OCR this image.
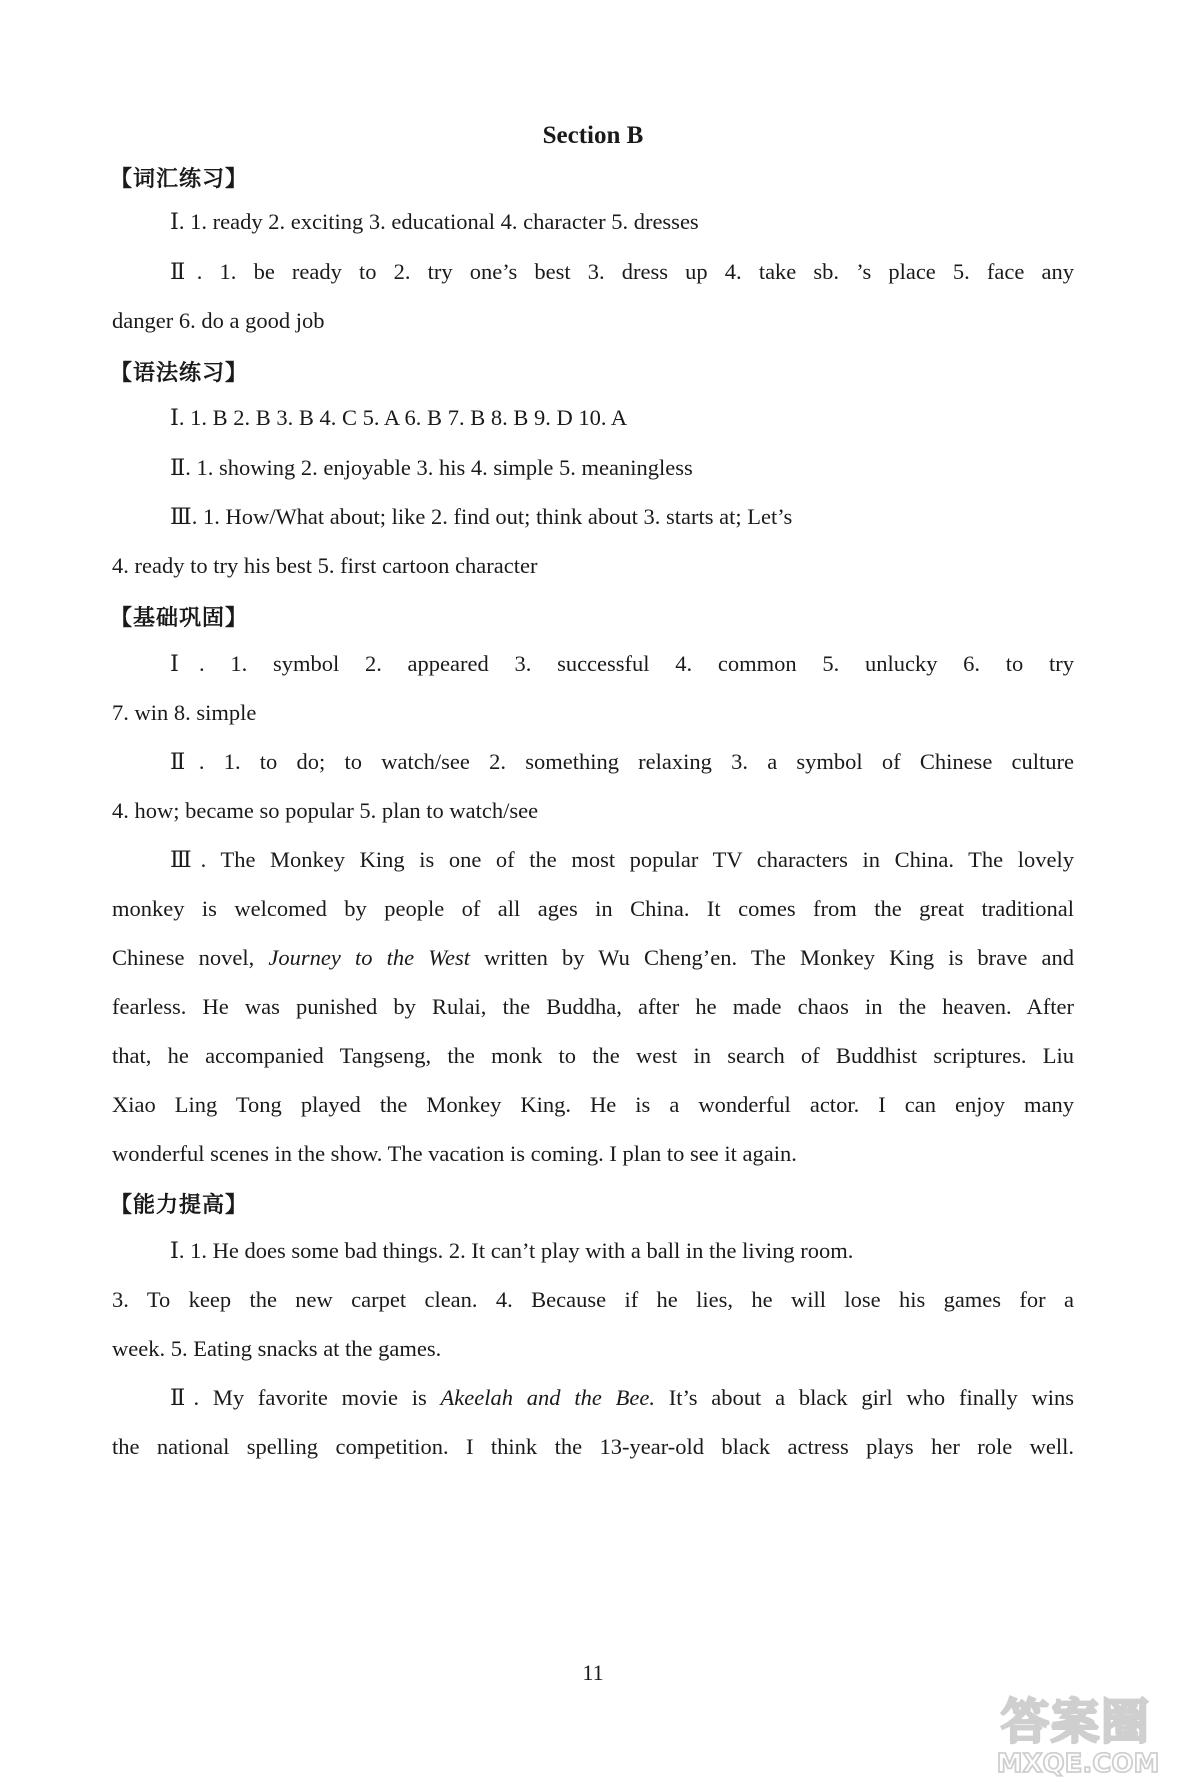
Section B
【词汇练习】
Ⅰ. 1. ready 2. exciting 3. educational 4. character 5. dresses
Ⅱ. 1. be ready to 2. try one’s best 3. dress up 4. take sb. ’s place 5. face any
danger 6. do a good job
【语法练习】
Ⅰ. 1. B 2. B 3. B 4. C 5. A 6. B 7. B 8. B 9. D 10. A
Ⅱ. 1. showing 2. enjoyable 3. his 4. simple 5. meaningless
Ⅲ. 1. How/What about; like 2. find out; think about 3. starts at; Let’s
4. ready to try his best 5. first cartoon character
【基础巩固】
Ⅰ. 1. symbol 2. appeared 3. successful 4. common 5. unlucky 6. to try
7. win 8. simple
Ⅱ. 1. to do; to watch/see 2. something relaxing 3. a symbol of Chinese culture
4. how; became so popular 5. plan to watch/see
Ⅲ. The Monkey King is one of the most popular TV characters in China. The lovely
monkey is welcomed by people of all ages in China. It comes from the great traditional
Chinese novel, Journey to the West written by Wu Cheng’en. The Monkey King is brave and
fearless. He was punished by Rulai, the Buddha, after he made chaos in the heaven. After
that, he accompanied Tangseng, the monk to the west in search of Buddhist scriptures. Liu
Xiao Ling Tong played the Monkey King. He is a wonderful actor. I can enjoy many
wonderful scenes in the show. The vacation is coming. I plan to see it again.
【能力提高】
Ⅰ. 1. He does some bad things. 2. It can’t play with a ball in the living room.
3. To keep the new carpet clean. 4. Because if he lies, he will lose his games for a
week. 5. Eating snacks at the games.
Ⅱ. My favorite movie is Akeelah and the Bee. It’s about a black girl who finally wins
the national spelling competition. I think the 13-year-old black actress plays her role well.
11
答案圈
MXQE.COM
